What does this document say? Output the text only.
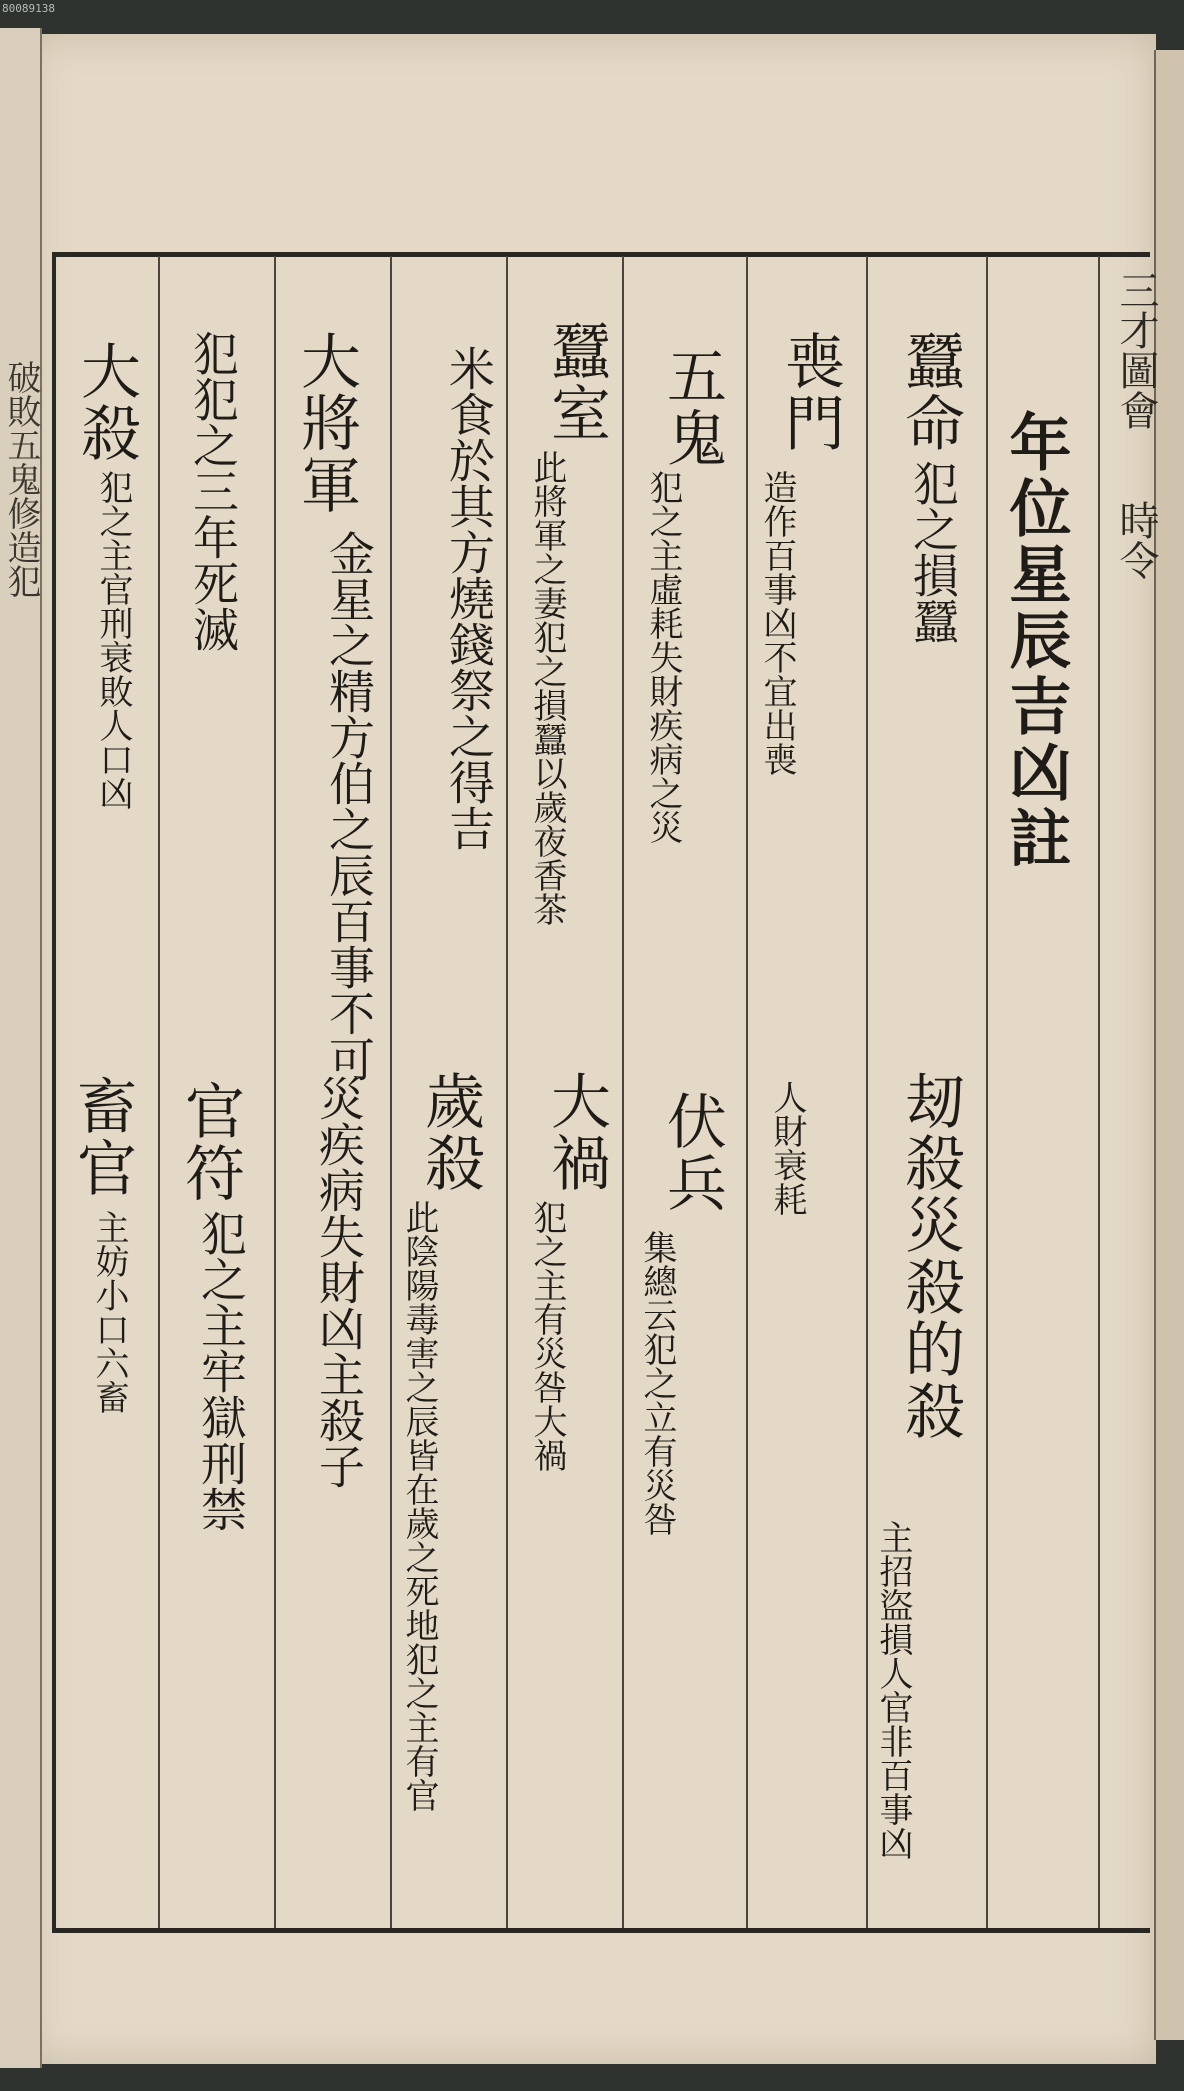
80089138
三才圖會
時令
年位星辰吉凶註
蠶命
犯之損蠶
喪門
造作百事凶不宜出喪
五鬼
犯之主虛耗失財疾病之災
蠶室
此將軍之妻犯之損蠶以歲夜香茶
米食於其方燒錢祭之得吉
大將軍
金星之精方伯之辰百事不可
犯犯之三年死滅
大殺
犯之主官刑衰敗人口凶
刼殺災殺的殺
主招盜損人官非百事凶
人財衰耗
伏兵
集總云犯之立有災咎
大禍
犯之主有災咎大禍
歲殺
此陰陽毒害之辰皆在歲之死地犯之主有官
災疾病失財凶主殺子
官符
犯之主牢獄刑禁
畜官
主妨小口六畜
破敗五鬼修造犯
